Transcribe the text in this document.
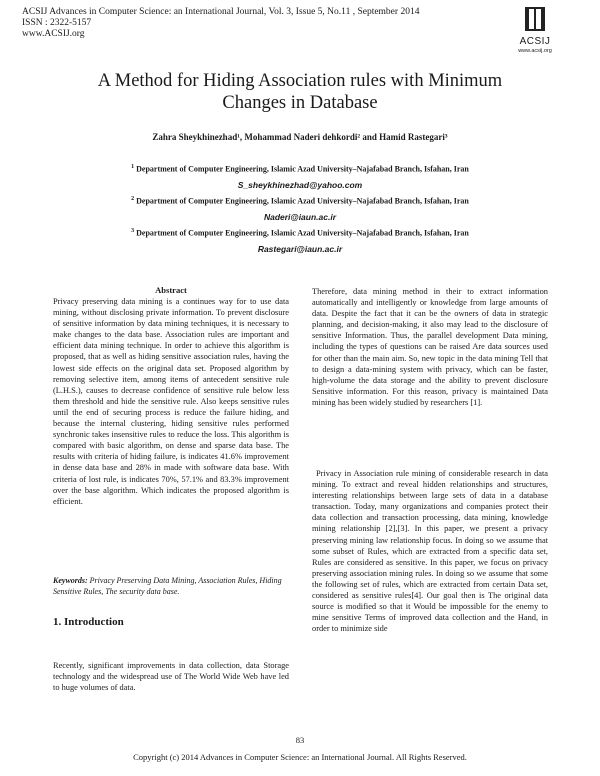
ACSIJ Advances in Computer Science: an International Journal, Vol. 3, Issue 5, No.11 , September 2014
ISSN : 2322-5157
www.ACSIJ.org
ACSIJ
www.acsij.org
A Method for Hiding Association rules with Minimum
Changes in Database
Zahra Sheykhinezhad¹, Mohammad Naderi dehkordi² and Hamid Rastegari³
$^1$ Department of Computer Engineering, Islamic Azad University–Najafabad Branch, Isfahan, Iran
S_sheykhinezhad@yahoo.com
$^2$ Department of Computer Engineering, Islamic Azad University–Najafabad Branch, Isfahan, Iran
Naderi@iaun.ac.ir
$^3$ Department of Computer Engineering, Islamic Azad University–Najafabad Branch, Isfahan, Iran
Rastegari@iaun.ac.ir
Abstract

Privacy preserving data mining is a continues way for to use data mining, without disclosing private information. To prevent disclosure of sensitive information by data mining techniques, it is necessary to make changes to the data base. Association rules are important and efficient data mining technique. In order to achieve this algorithm is proposed, that as well as hiding sensitive association rules, having the lowest side effects on the original data set. Proposed algorithm by removing selective item, among items of antecedent sensitive rule (L.H.S.), causes to decrease confidence of sensitive rule below less them threshold and hide the sensitive rule. Also keeps sensitive rules until the end of securing process is reduce the failure hiding, and because the internal clustering, hiding sensitive rules performed synchronic takes insensitive rules to reduce the loss. This algorithm is compared with basic algorithm, on dense and sparse data base. The results with criteria of hiding failure, is indicates 41.6% improvement in dense data base and 28% in made with software data base. With criteria of lost rule, is indicates 70%, 57.1% and 83.3% improvement over the base algorithm. Which indicates the proposed algorithm is efficient.

Keywords: Privacy Preserving Data Mining, Association Rules, Hiding Sensitive Rules, The security data base.
1. Introduction

Recently, significant improvements in data collection, data Storage technology and the widespread use of The World Wide Web have led to huge volumes of data.

Therefore, data mining method in their to extract information automatically and intelligently or knowledge from large amounts of data. Despite the fact that it can be the owners of data in strategic planning, and decision-making, it also may lead to the disclosure of sensitive Information. Thus, the parallel development Data mining, including the types of questions can be raised Are data sources used for other than the main aim. So, new topic in the data mining Tell that to design a data-mining system with privacy, which can be faster, high-volume the data storage and the ability to prevent disclosure Sensitive information. For this reason, privacy is maintained Data mining has been widely studied by researchers [1].

Privacy in Association rule mining of considerable research in data mining. To extract and reveal hidden relationships and structures, interesting relationships between large sets of data in a database transaction. Today, many organizations and companies protect their data collection and transaction processing, data mining, knowledge mining relationship [2],[3]. In this paper, we present a privacy preserving mining law relationship focus. In doing so we assume that some subset of Rules, which are extracted from a specific data set, Rules are considered as sensitive. In this paper, we focus on privacy preserving association mining rules. In doing so we assume that some the following set of rules, which are extracted from certain Data set, considered as sensitive rules[4]. Our goal then is The original data source is modified so that it Would be impossible for the enemy to mine sensitive Terms of improved data collection and the Hand, in order to minimize side

83
Copyright (c) 2014 Advances in Computer Science: an International Journal. All Rights Reserved.
